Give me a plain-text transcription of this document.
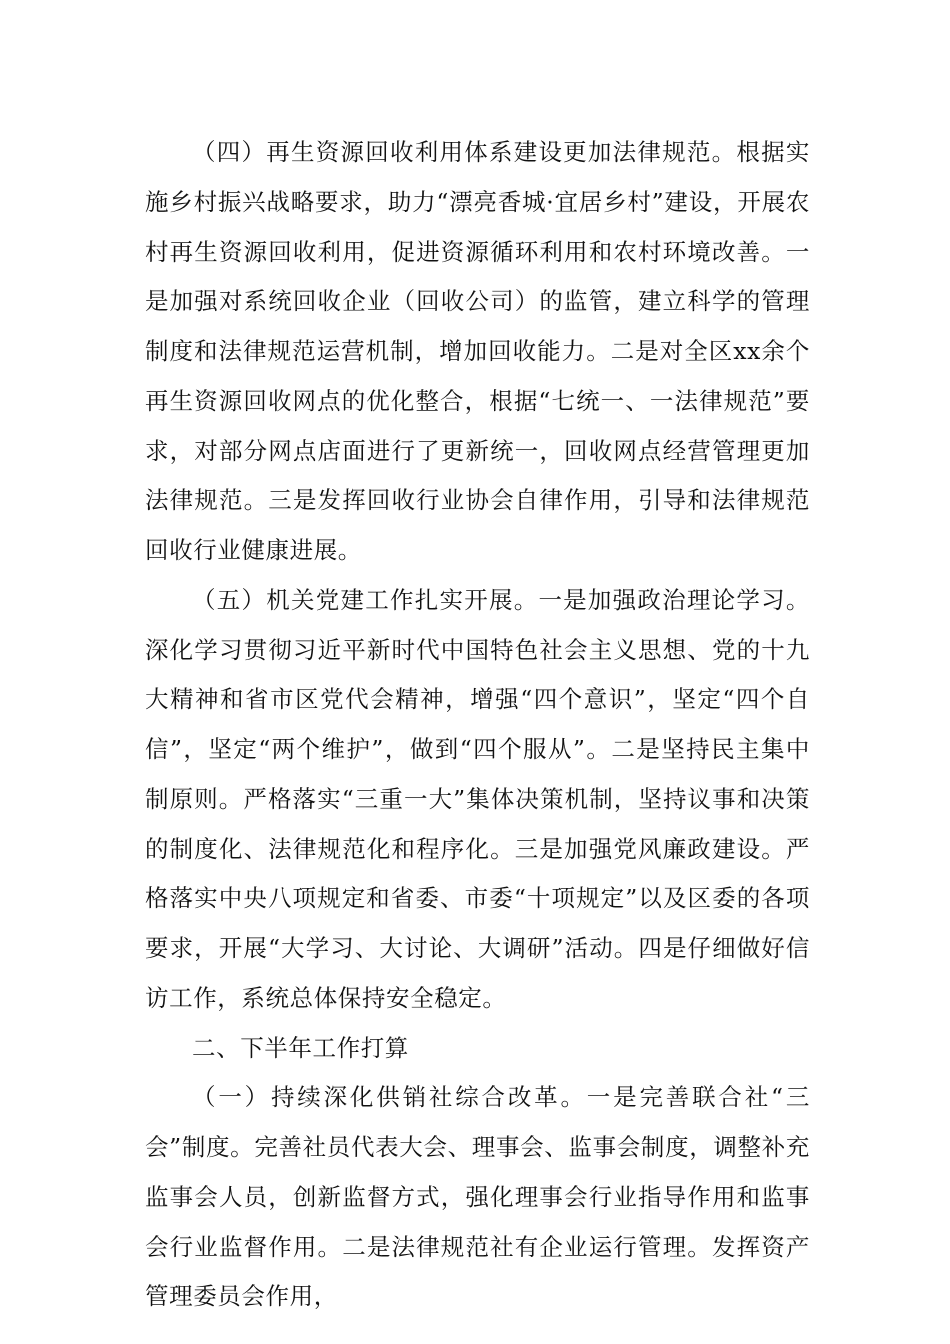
（四）再生资源回收利用体系建设更加法律规范。根据实施乡村振兴战略要求，助力“漂亮香城·宜居乡村”建设，开展农村再生资源回收利用，促进资源循环利用和农村环境改善。一是加强对系统回收企业（回收公司）的监管，建立科学的管理制度和法律规范运营机制，增加回收能力。二是对全区xx余个再生资源回收网点的优化整合，根据“七统一、一法律规范”要求，对部分网点店面进行了更新统一，回收网点经营管理更加法律规范。三是发挥回收行业协会自律作用，引导和法律规范回收行业健康进展。

（五）机关党建工作扎实开展。一是加强政治理论学习。深化学习贯彻习近平新时代中国特色社会主义思想、党的十九大精神和省市区党代会精神，增强“四个意识”，坚定“四个自信”，坚定“两个维护”，做到“四个服从”。二是坚持民主集中制原则。严格落实“三重一大”集体决策机制，坚持议事和决策的制度化、法律规范化和程序化。三是加强党风廉政建设。严格落实中央八项规定和省委、市委“十项规定”以及区委的各项要求，开展“大学习、大讨论、大调研”活动。四是仔细做好信访工作，系统总体保持安全稳定。

二、下半年工作打算

（一）持续深化供销社综合改革。一是完善联合社“三会”制度。完善社员代表大会、理事会、监事会制度，调整补充监事会人员，创新监督方式，强化理事会行业指导作用和监事会行业监督作用。二是法律规范社有企业运行管理。发挥资产管理委员会作用，
